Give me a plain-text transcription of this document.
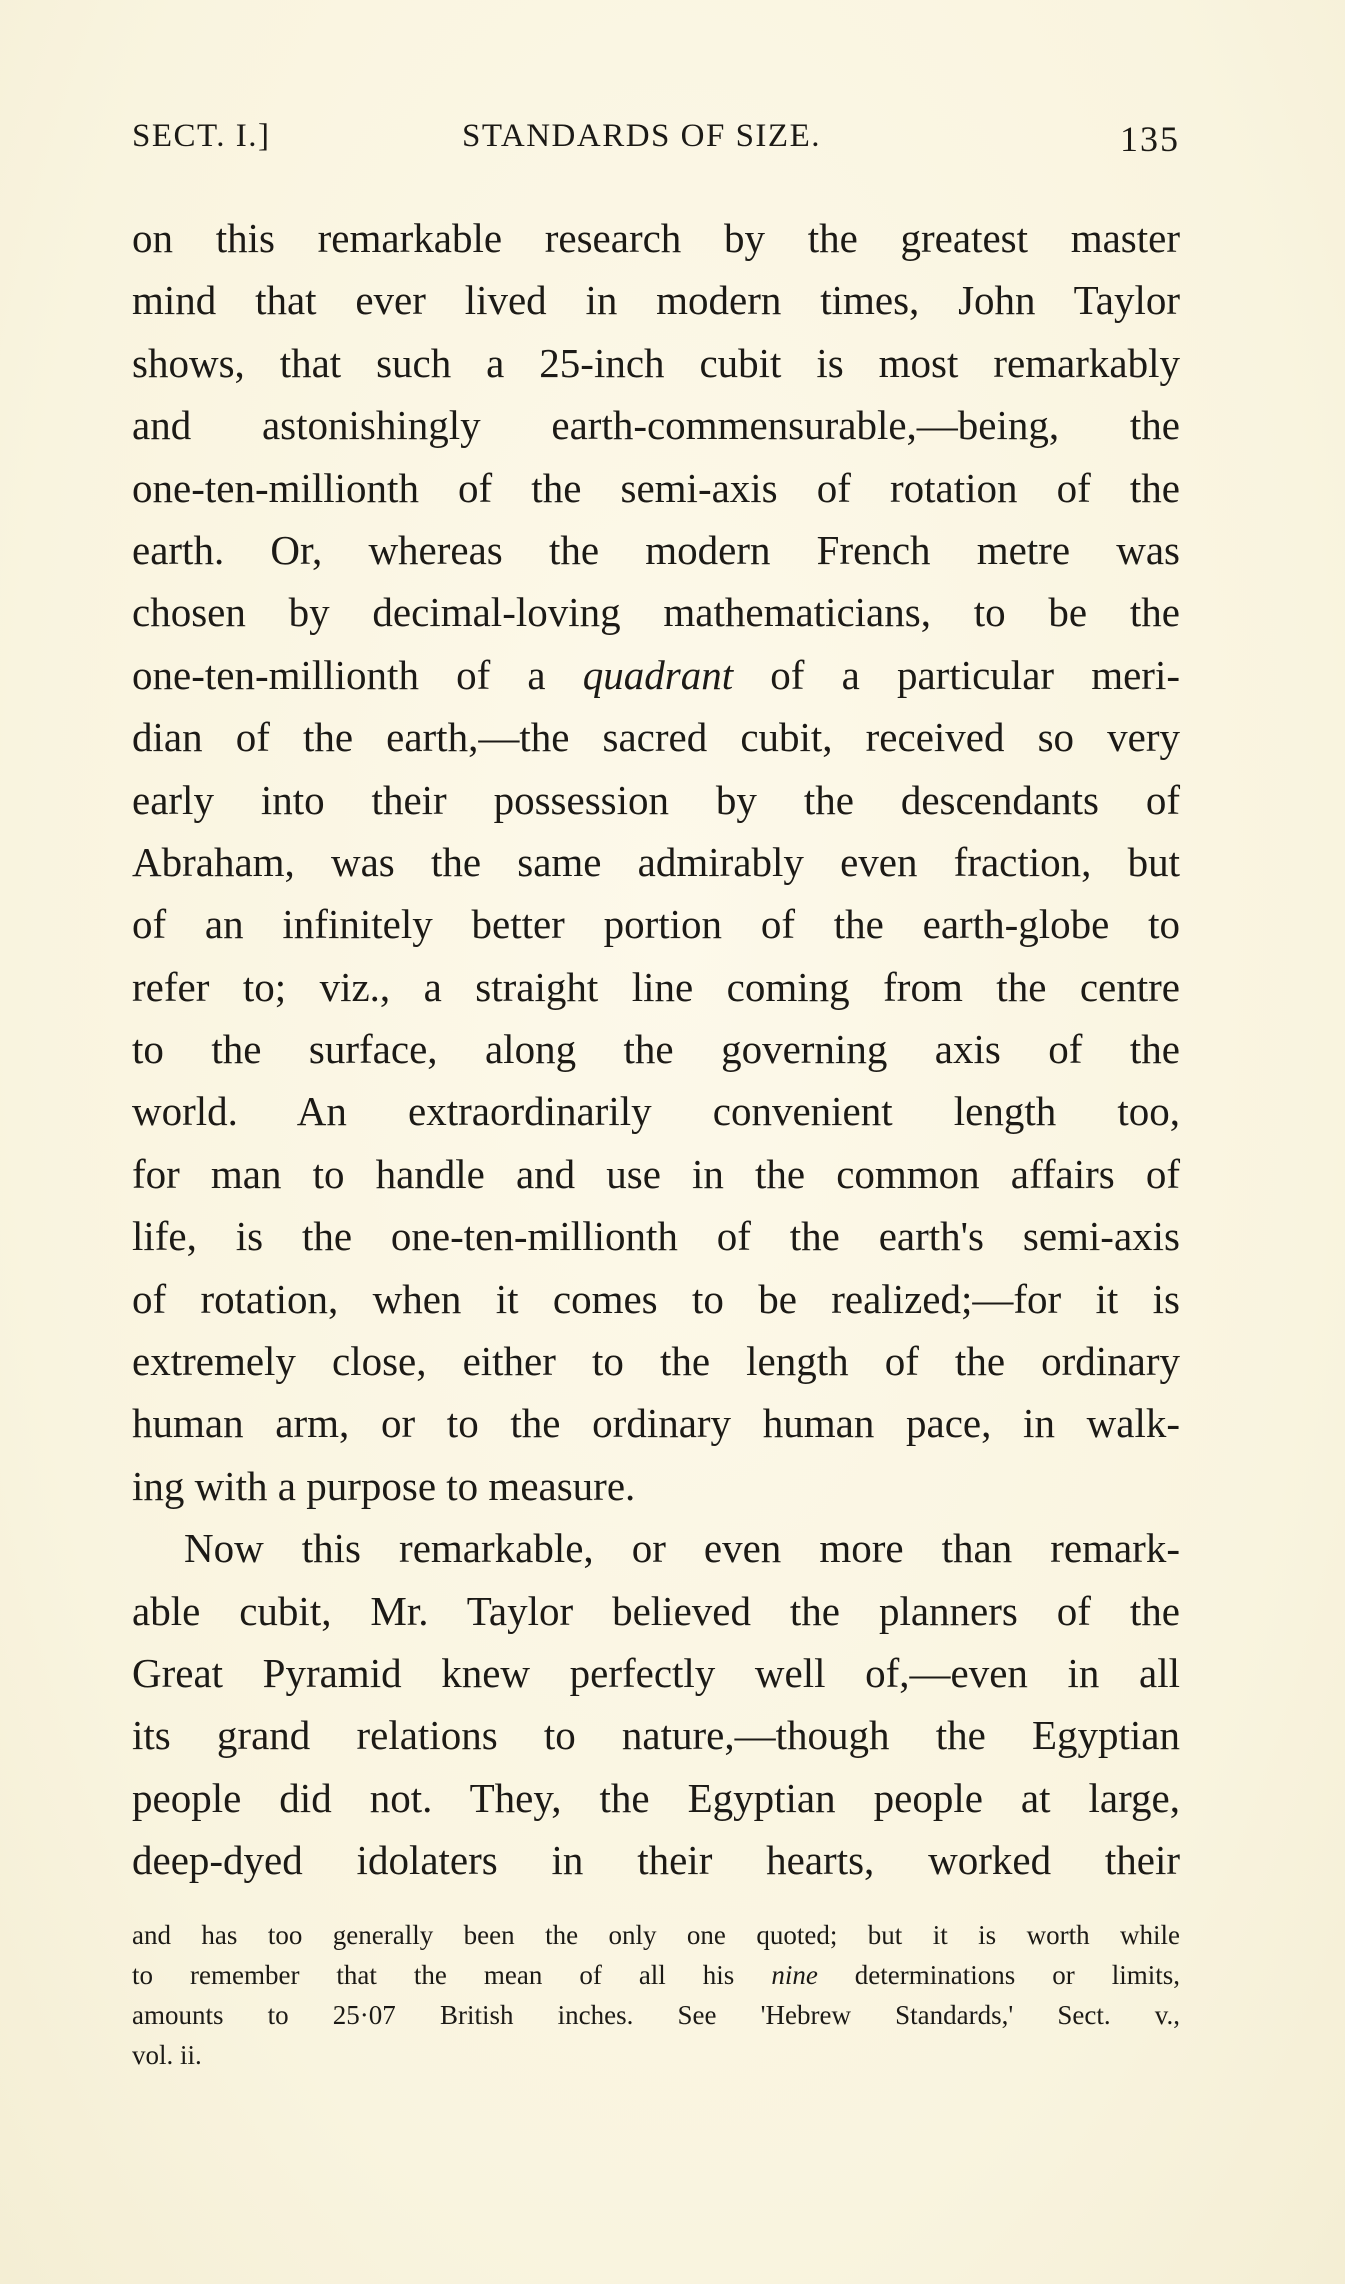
SECT. I.]	STANDARDS OF SIZE.	135
on this remarkable research by the greatest master
mind that ever lived in modern times, John Taylor
shows, that such a 25-inch cubit is most remarkably
and astonishingly earth-commensurable,—being, the
one-ten-millionth of the semi-axis of rotation of the
earth. Or, whereas the modern French metre was
chosen by decimal-loving mathematicians, to be the
one-ten-millionth of a quadrant of a particular meri-
dian of the earth,—the sacred cubit, received so very
early into their possession by the descendants of
Abraham, was the same admirably even fraction, but
of an infinitely better portion of the earth-globe to
refer to; viz., a straight line coming from the centre
to the surface, along the governing axis of the
world. An extraordinarily convenient length too,
for man to handle and use in the common affairs of
life, is the one-ten-millionth of the earth's semi-axis
of rotation, when it comes to be realized;—for it is
extremely close, either to the length of the ordinary
human arm, or to the ordinary human pace, in walk-
ing with a purpose to measure.
Now this remarkable, or even more than remark-
able cubit, Mr. Taylor believed the planners of the
Great Pyramid knew perfectly well of,—even in all
its grand relations to nature,—though the Egyptian
people did not. They, the Egyptian people at large,
deep-dyed idolaters in their hearts, worked their
and has too generally been the only one quoted; but it is worth while
to remember that the mean of all his nine determinations or limits,
amounts to 25·07 British inches. See 'Hebrew Standards,' Sect. v.,
vol. ii.
